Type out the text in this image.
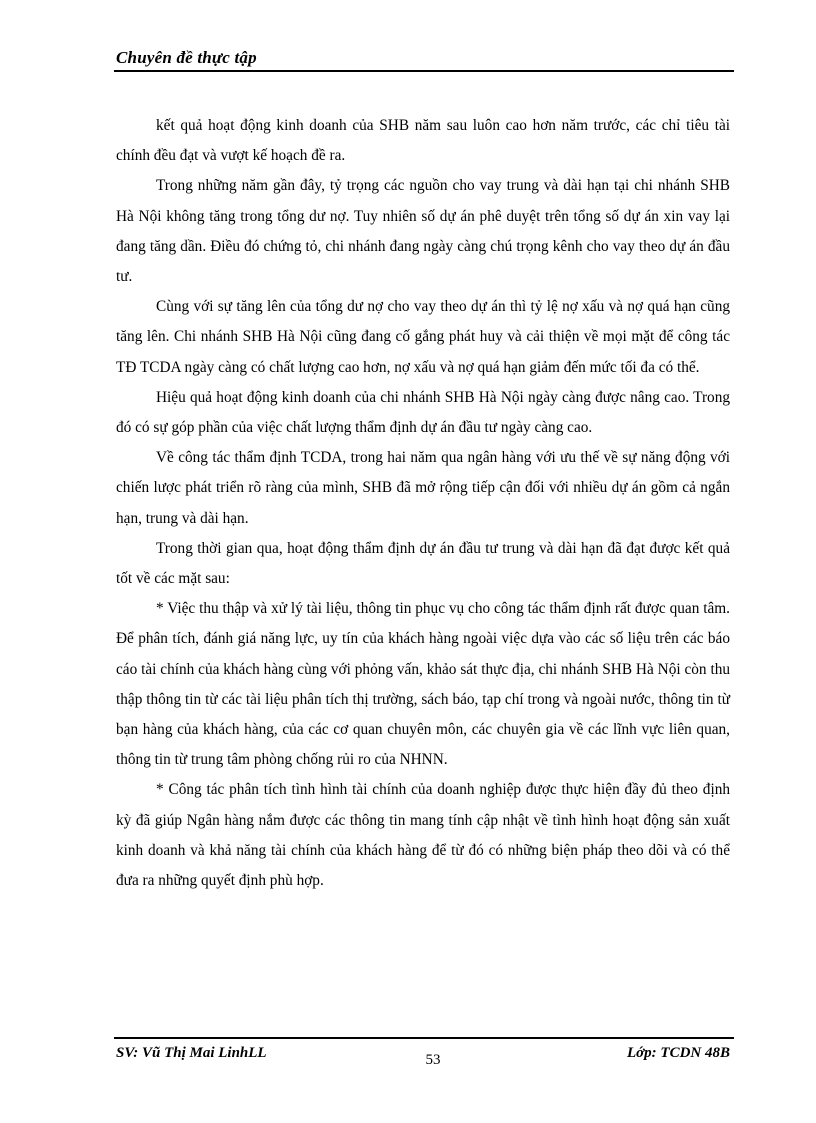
Chuyên đề thực tập

kết quả hoạt động kinh doanh của SHB năm sau luôn cao hơn năm trước, các chỉ tiêu tài chính đều đạt và vượt kế hoạch đề ra.

Trong những năm gần đây, tỷ trọng các nguồn cho vay trung và dài hạn tại chi nhánh SHB Hà Nội không tăng trong tổng dư nợ. Tuy nhiên số dự án phê duyệt trên tổng số dự án xin vay lại đang tăng dần. Điều đó chứng tỏ, chi nhánh đang ngày càng chú trọng kênh cho vay theo dự án đầu tư.

Cùng với sự tăng lên của tổng dư nợ cho vay theo dự án thì tỷ lệ nợ xấu và nợ quá hạn cũng tăng lên. Chi nhánh SHB Hà Nội cũng đang cố gắng phát huy và cải thiện về mọi mặt để công tác TĐ TCDA ngày càng có chất lượng cao hơn, nợ xấu và nợ quá hạn giảm đến mức tối đa có thể.

Hiệu quả hoạt động kinh doanh của chi nhánh SHB Hà Nội ngày càng được nâng cao. Trong đó có sự góp phần của việc chất lượng thẩm định dự án đầu tư ngày càng cao.

Về công tác thẩm định TCDA, trong hai năm qua ngân hàng với ưu thế về sự năng động với chiến lược phát triển rõ ràng của mình, SHB đã mở rộng tiếp cận đối với nhiều dự án gồm cả ngắn hạn, trung và dài hạn.

Trong thời gian qua, hoạt động thẩm định dự án đầu tư trung và dài hạn đã đạt được kết quả tốt về các mặt sau:

* Việc thu thập và xử lý tài liệu, thông tin phục vụ cho công tác thẩm định rất được quan tâm. Để phân tích, đánh giá năng lực, uy tín của khách hàng ngoài việc dựa vào các số liệu trên các báo cáo tài chính của khách hàng cùng với phỏng vấn, khảo sát thực địa, chi nhánh SHB Hà Nội còn thu thập thông tin từ các tài liệu phân tích thị trường, sách báo, tạp chí trong và ngoài nước, thông tin từ bạn hàng của khách hàng, của các cơ quan chuyên môn, các chuyên gia về các lĩnh vực liên quan, thông tin từ trung tâm phòng chống rủi ro của NHNN.

* Công tác phân tích tình hình tài chính của doanh nghiệp được thực hiện đầy đủ theo định kỳ đã giúp Ngân hàng nắm được các thông tin mang tính cập nhật về tình hình hoạt động sản xuất kinh doanh và khả năng tài chính của khách hàng để từ đó có những biện pháp theo dõi và có thể đưa ra những quyết định phù hợp.

SV: Vũ Thị Mai LinhLL	53	Lớp: TCDN 48B
